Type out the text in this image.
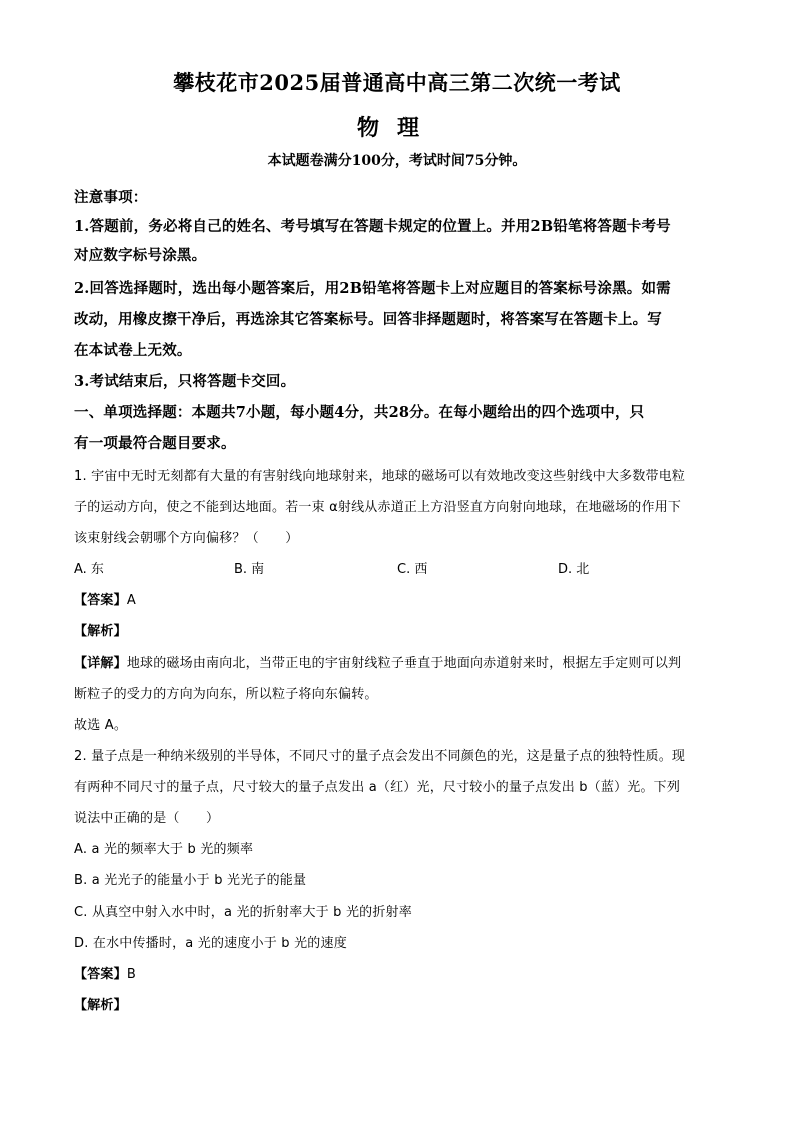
攀枝花市2025届普通高中高三第二次统一考试
物理
本试题卷满分100分，考试时间75分钟。
注意事项：
1.答题前，务必将自己的姓名、考号填写在答题卡规定的位置上。并用2B铅笔将答题卡考号
对应数字标号涂黑。
2.回答选择题时，选出每小题答案后，用2B铅笔将答题卡上对应题目的答案标号涂黑。如需
改动，用橡皮擦干净后，再选涂其它答案标号。回答非择题题时，将答案写在答题卡上。写
在本试卷上无效。
3.考试结束后，只将答题卡交回。
一、单项选择题：本题共7小题，每小题4分，共28分。在每小题给出的四个选项中，只
有一项最符合题目要求。
1. 宇宙中无时无刻都有大量的有害射线向地球射来，地球的磁场可以有效地改变这些射线中大多数带电粒
子的运动方向，使之不能到达地面。若一束 α射线从赤道正上方沿竖直方向射向地球，在地磁场的作用下
该束射线会朝哪个方向偏移？（　　）
A. 东	B. 南	C. 西	D. 北
【答案】A
【解析】
【详解】地球的磁场由南向北，当带正电的宇宙射线粒子垂直于地面向赤道射来时，根据左手定则可以判
断粒子的受力的方向为向东，所以粒子将向东偏转。
故选 A。
2. 量子点是一种纳米级别的半导体，不同尺寸的量子点会发出不同颜色的光，这是量子点的独特性质。现
有两种不同尺寸的量子点，尺寸较大的量子点发出 a（红）光，尺寸较小的量子点发出 b（蓝）光。下列
说法中正确的是（　　）
A. a 光的频率大于 b 光的频率
B. a 光光子的能量小于 b 光光子的能量
C. 从真空中射入水中时，a 光的折射率大于 b 光的折射率
D. 在水中传播时，a 光的速度小于 b 光的速度
【答案】B
【解析】
